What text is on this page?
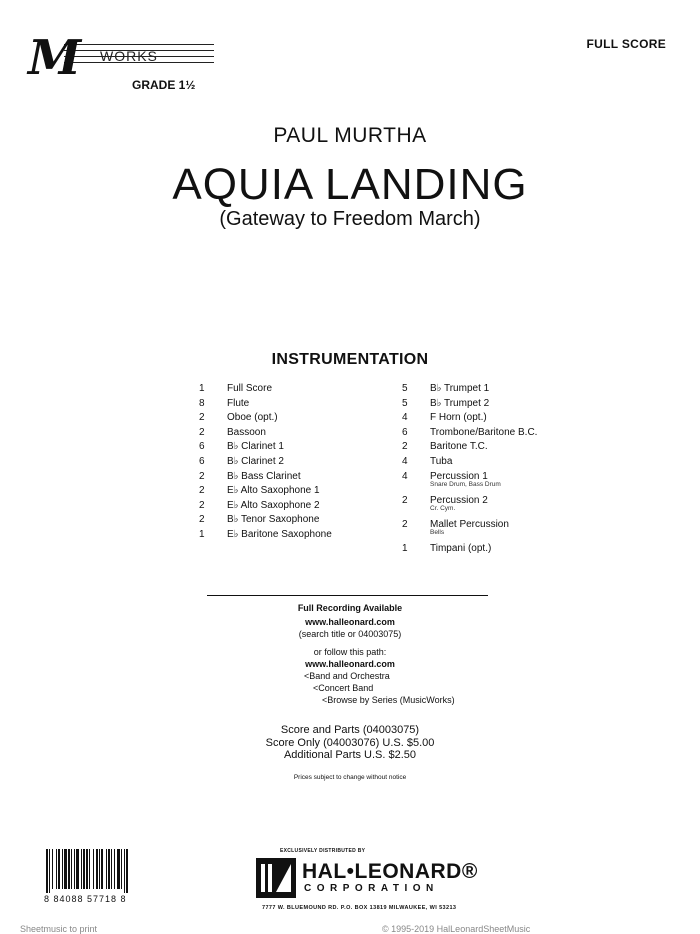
M WORKS
GRADE 1½
FULL SCORE
PAUL MURTHA
AQUIA LANDING
(Gateway to Freedom March)
INSTRUMENTATION
1	Full Score
8	Flute
2	Oboe (opt.)
2	Bassoon
6	B♭ Clarinet 1
6	B♭ Clarinet 2
2	B♭ Bass Clarinet
2	E♭ Alto Saxophone 1
2	E♭ Alto Saxophone 2
2	B♭ Tenor Saxophone
1	E♭ Baritone Saxophone
5	B♭ Trumpet 1
5	B♭ Trumpet 2
4	F Horn (opt.)
6	Trombone/Baritone B.C.
2	Baritone T.C.
4	Tuba
4	Percussion 1
Snare Drum, Bass Drum
2	Percussion 2
Cr. Cym.
2	Mallet Percussion
Bells
1	Timpani (opt.)
Full Recording Available
www.halleonard.com
(search title or 04003075)
or follow this path:
www.halleonard.com
<Band and Orchestra
<Concert Band
<Browse by Series (MusicWorks)
Score and Parts (04003075)
Score Only (04003076) U.S. $5.00
Additional Parts U.S. $2.50
Prices subject to change without notice
8 84088 57718 8
EXCLUSIVELY DISTRIBUTED BY
HAL•LEONARD®
CORPORATION
7777 W. BLUEMOUND RD. P.O. BOX 13819 MILWAUKEE, WI 53213
Sheetmusic to print	© 1995-2019 HalLeonardSheetMusic
